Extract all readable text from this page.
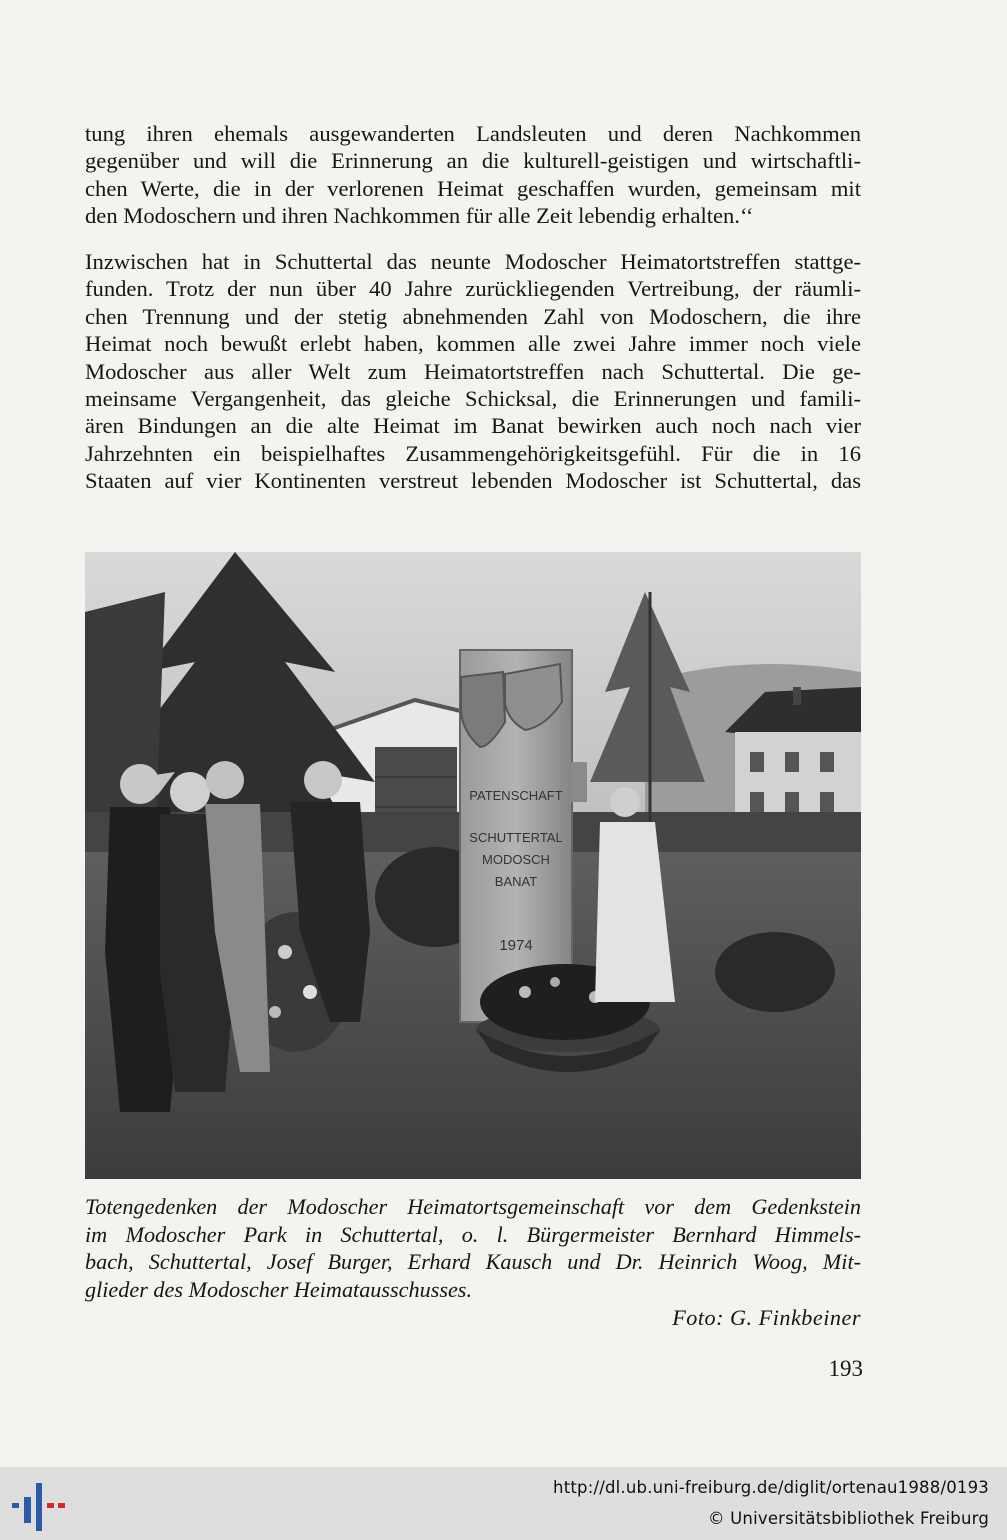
tung ihren ehemals ausgewanderten Landsleuten und deren Nachkommen
gegenüber und will die Erinnerung an die kulturell-geistigen und wirtschaftli-
chen Werte, die in der verlorenen Heimat geschaffen wurden, gemeinsam mit
den Modoschern und ihren Nachkommen für alle Zeit lebendig erhalten.‘‘

Inzwischen hat in Schuttertal das neunte Modoscher Heimatortstreffen stattge-
funden. Trotz der nun über 40 Jahre zurückliegenden Vertreibung, der räumli-
chen Trennung und der stetig abnehmenden Zahl von Modoschern, die ihre
Heimat noch bewußt erlebt haben, kommen alle zwei Jahre immer noch viele
Modoscher aus aller Welt zum Heimatortstreffen nach Schuttertal. Die ge-
meinsame Vergangenheit, das gleiche Schicksal, die Erinnerungen und famili-
ären Bindungen an die alte Heimat im Banat bewirken auch noch nach vier
Jahrzehnten ein beispielhaftes Zusammengehörigkeitsgefühl. Für die in 16
Staaten auf vier Kontinenten verstreut lebenden Modoscher ist Schuttertal, das

PATENSCHAFT
SCHUTTERTAL
MODOSCH
BANAT
1974

Totengedenken der Modoscher Heimatortsgemeinschaft vor dem Gedenkstein
im Modoscher Park in Schuttertal, o. l. Bürgermeister Bernhard Himmels-
bach, Schuttertal, Josef Burger, Erhard Kausch und Dr. Heinrich Woog, Mit-
glieder des Modoscher Heimatausschusses.

Foto: G. Finkbeiner
193
http://dl.ub.uni-freiburg.de/diglit/ortenau1988/0193
© Universitätsbibliothek Freiburg
